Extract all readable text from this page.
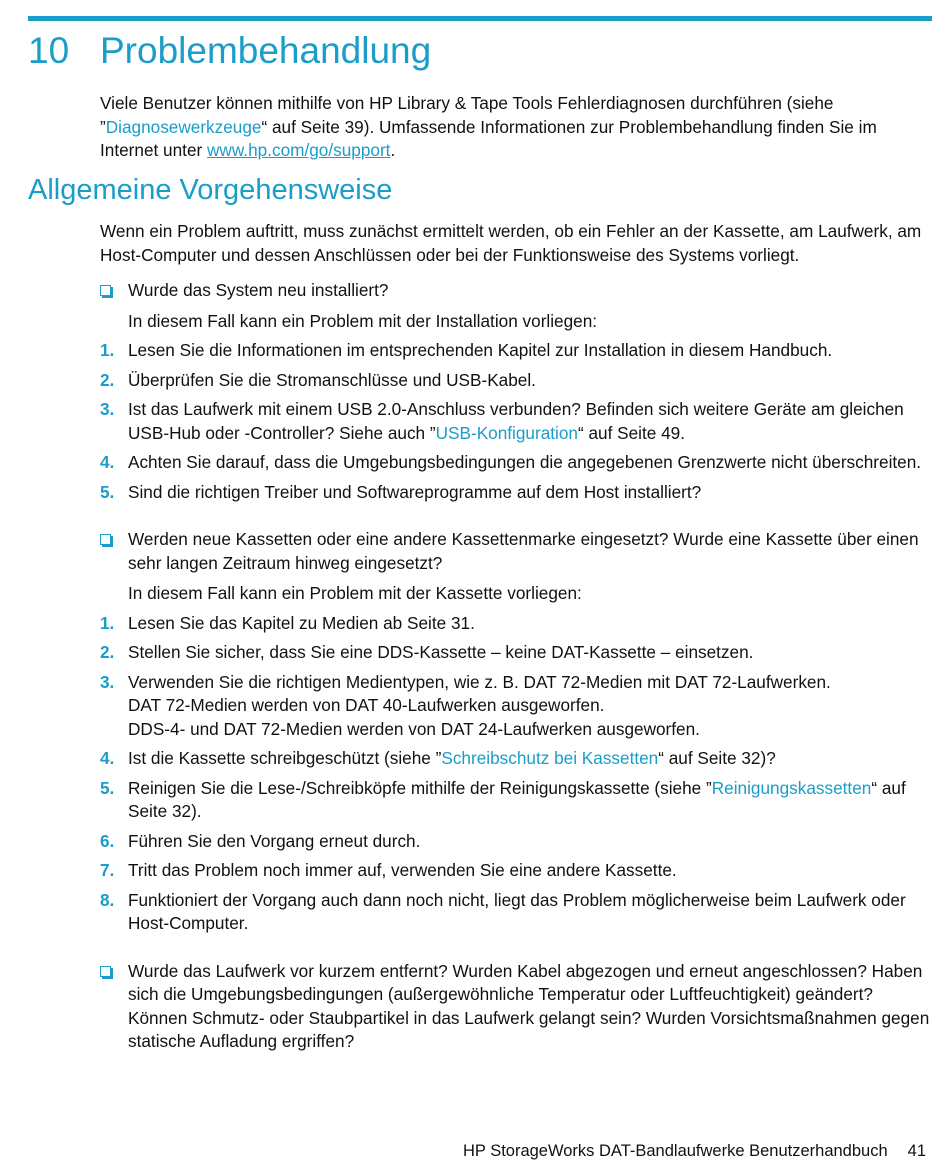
10 Problembehandlung

Viele Benutzer können mithilfe von HP Library & Tape Tools Fehlerdiagnosen durchführen (siehe ”Diagnosewerkzeuge“ auf Seite 39). Umfassende Informationen zur Problembehandlung finden Sie im Internet unter www.hp.com/go/support.

Allgemeine Vorgehensweise

Wenn ein Problem auftritt, muss zunächst ermittelt werden, ob ein Fehler an der Kassette, am Laufwerk, am Host-Computer und dessen Anschlüssen oder bei der Funktionsweise des Systems vorliegt.

Wurde das System neu installiert?

In diesem Fall kann ein Problem mit der Installation vorliegen:

1. Lesen Sie die Informationen im entsprechenden Kapitel zur Installation in diesem Handbuch.
2. Überprüfen Sie die Stromanschlüsse und USB-Kabel.
3. Ist das Laufwerk mit einem USB 2.0-Anschluss verbunden? Befinden sich weitere Geräte am gleichen USB-Hub oder -Controller? Siehe auch ”USB-Konfiguration“ auf Seite 49.
4. Achten Sie darauf, dass die Umgebungsbedingungen die angegebenen Grenzwerte nicht überschreiten.
5. Sind die richtigen Treiber und Softwareprogramme auf dem Host installiert?
Werden neue Kassetten oder eine andere Kassettenmarke eingesetzt? Wurde eine Kassette über einen sehr langen Zeitraum hinweg eingesetzt?

In diesem Fall kann ein Problem mit der Kassette vorliegen:

1. Lesen Sie das Kapitel zu Medien ab Seite 31.
2. Stellen Sie sicher, dass Sie eine DDS-Kassette – keine DAT-Kassette – einsetzen.
3. Verwenden Sie die richtigen Medientypen, wie z. B. DAT 72-Medien mit DAT 72-Laufwerken.
DAT 72-Medien werden von DAT 40-Laufwerken ausgeworfen.
DDS-4- und DAT 72-Medien werden von DAT 24-Laufwerken ausgeworfen.
4. Ist die Kassette schreibgeschützt (siehe ”Schreibschutz bei Kassetten“ auf Seite 32)?
5. Reinigen Sie die Lese-/Schreibköpfe mithilfe der Reinigungskassette (siehe ”Reinigungskassetten“ auf Seite 32).
6. Führen Sie den Vorgang erneut durch.
7. Tritt das Problem noch immer auf, verwenden Sie eine andere Kassette.
8. Funktioniert der Vorgang auch dann noch nicht, liegt das Problem möglicherweise beim Laufwerk oder Host-Computer.
Wurde das Laufwerk vor kurzem entfernt? Wurden Kabel abgezogen und erneut angeschlossen? Haben sich die Umgebungsbedingungen (außergewöhnliche Temperatur oder Luftfeuchtigkeit) geändert? Können Schmutz- oder Staubpartikel in das Laufwerk gelangt sein? Wurden Vorsichtsmaßnahmen gegen statische Aufladung ergriffen?
HP StorageWorks DAT-Bandlaufwerke Benutzerhandbuch 41
